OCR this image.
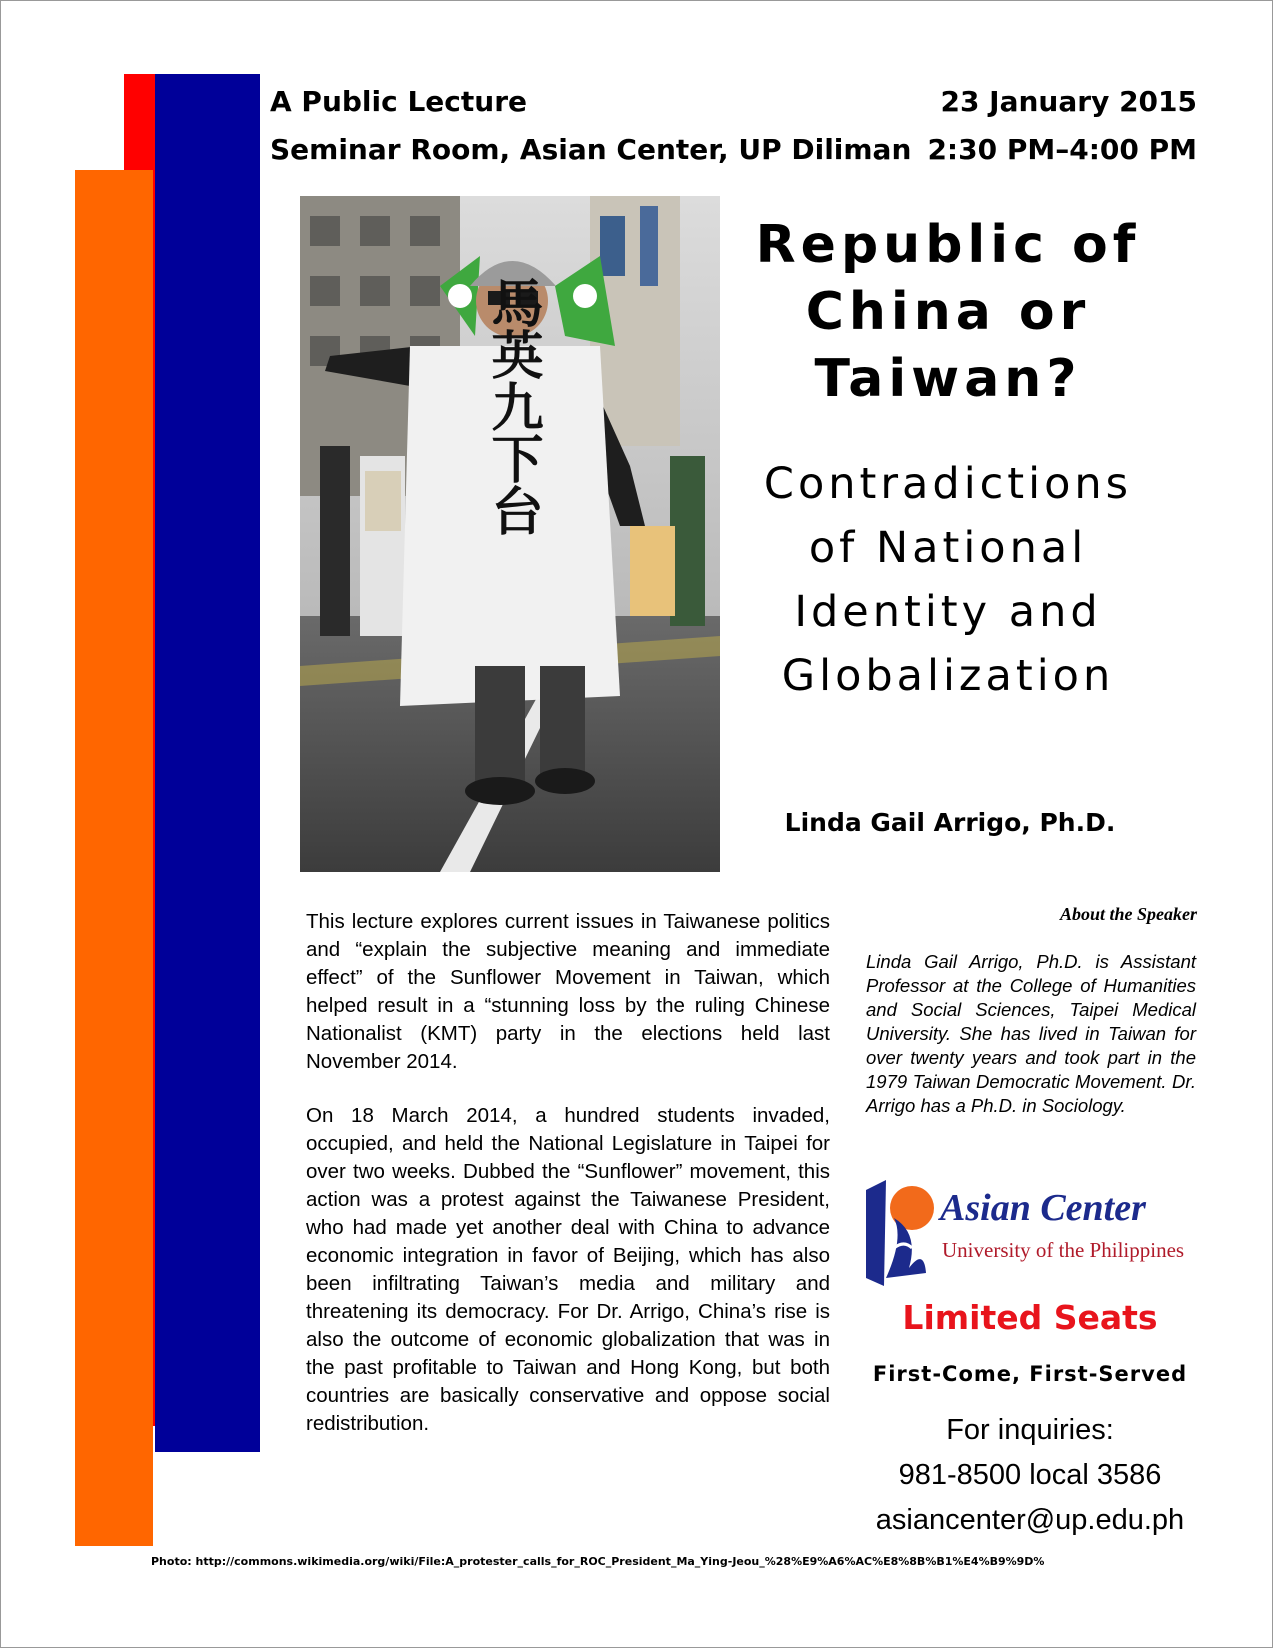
A Public Lecture
Seminar Room, Asian Center, UP Diliman
23 January 2015
2:30 PM–4:00 PM
馬英九下台
Republic of
China or
Taiwan?
Contradictions
of National
Identity and
Globalization
Linda Gail Arrigo, Ph.D.

This lecture explores current issues in Taiwanese politics and “explain the subjective meaning and immediate effect” of the Sunflower Movement in Taiwan, which helped result in a “stunning loss by the ruling Chinese Nationalist (KMT) party in the elections held last November 2014.

On 18 March 2014, a hundred students invaded, occupied, and held the National Legislature in Taipei for over two weeks. Dubbed the “Sunflower” movement, this action was a protest against the Taiwanese President, who had made yet another deal with China to advance economic integration in favor of Beijing, which has also been infiltrating Taiwan’s media and military and threatening its democracy. For Dr. Arrigo, China’s rise is also the outcome of economic globalization that was in the past profitable to Taiwan and Hong Kong, but both countries are basically conservative and oppose social redistribution.

About the Speaker
Linda Gail Arrigo, Ph.D. is Assistant Professor at the College of Humanities and Social Sciences, Taipei Medical University. She has lived in Taiwan for over twenty years and took part in the 1979 Taiwan Democratic Movement. Dr. Arrigo has a Ph.D. in Sociology.
Asian Center
University of the Philippines
Limited Seats
First-Come, First-Served
For inquiries:
981-8500 local 3586
asiancenter@up.edu.ph
Photo: http://commons.wikimedia.org/wiki/File:A_protester_calls_for_ROC_President_Ma_Ying-Jeou_%28%E9%A6%AC%E8%8B%B1%E4%B9%9D%
